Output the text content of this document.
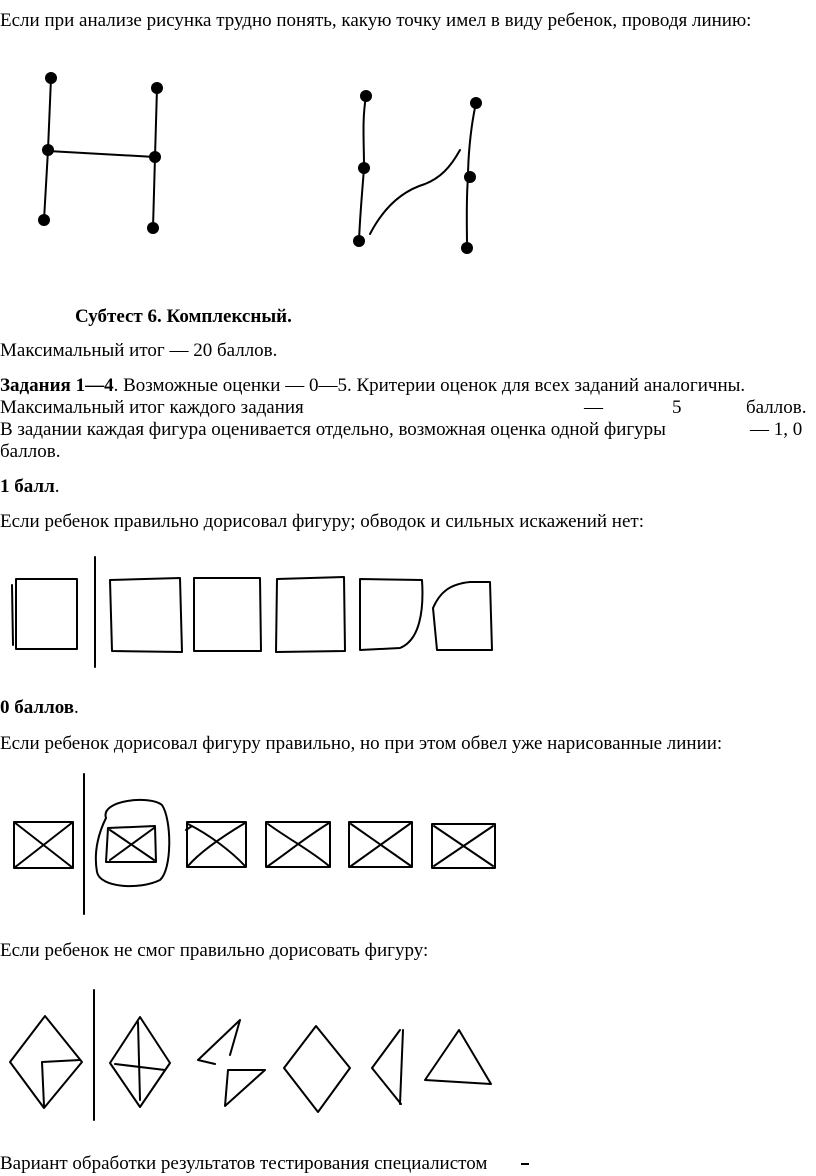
Если при анализе рисунка трудно понять, какую точку имел в виду ребенок, проводя линию:
Субтест 6. Комплексный.
Максимальный итог — 20 баллов.
Задания 1—4. Возможные оценки — 0—5. Критерии оценок для всех заданий аналогичны.
Максимальный итог каждого задания	—	5	баллов.
В задании каждая фигура оценивается отдельно, возможная оценка одной фигуры	— 1, 0
баллов.
1 балл.
Если ребенок правильно дорисовал фигуру; обводок и сильных искажений нет:
0 баллов.
Если ребенок дорисовал фигуру правильно, но при этом обвел уже нарисованные линии:
Если ребенок не смог правильно дорисовать фигуру:
Вариант обработки результатов тестирования специалистом
